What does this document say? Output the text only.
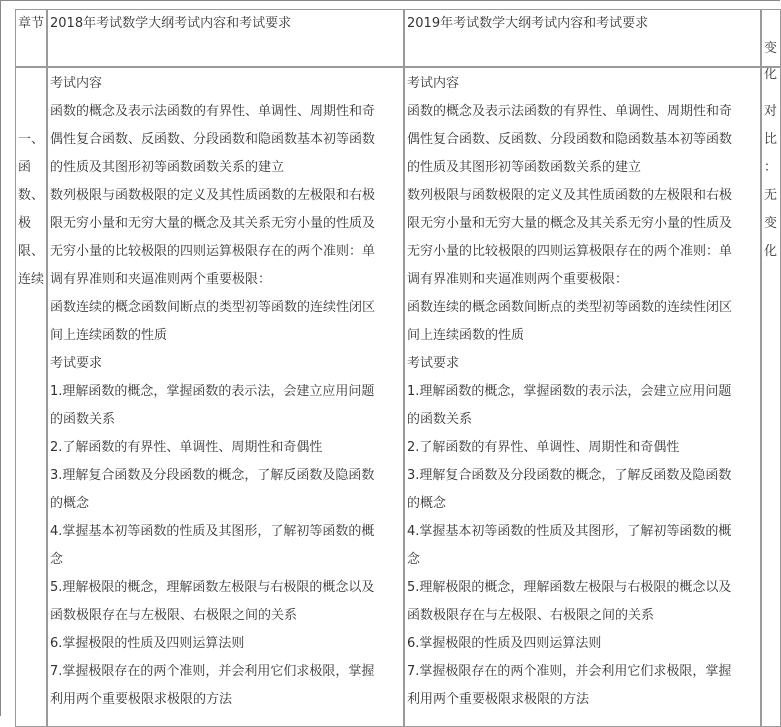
章节 2018年考试数学大纲考试内容和考试要求	2019年考试数学大纲考试内容和考试要求

变
化

一、
函
数、
极
限、
连续

考试内容
函数的概念及表示法函数的有界性、单调性、周期性和奇
偶性复合函数、反函数、分段函数和隐函数基本初等函数
的性质及其图形初等函数函数关系的建立
数列极限与函数极限的定义及其性质函数的左极限和右极
限无穷小量和无穷大量的概念及其关系无穷小量的性质及
无穷小量的比较极限的四则运算极限存在的两个准则：单
调有界准则和夹逼准则两个重要极限：
函数连续的概念函数间断点的类型初等函数的连续性闭区
间上连续函数的性质
考试要求
1.理解函数的概念，掌握函数的表示法，会建立应用问题
的函数关系
2.了解函数的有界性、单调性、周期性和奇偶性
3.理解复合函数及分段函数的概念，了解反函数及隐函数
的概念
4.掌握基本初等函数的性质及其图形，了解初等函数的概
念
5.理解极限的概念，理解函数左极限与右极限的概念以及
函数极限存在与左极限、右极限之间的关系
6.掌握极限的性质及四则运算法则
7.掌握极限存在的两个准则，并会利用它们求极限，掌握
利用两个重要极限求极限的方法
考试内容
函数的概念及表示法函数的有界性、单调性、周期性和奇
偶性复合函数、反函数、分段函数和隐函数基本初等函数
的性质及其图形初等函数函数关系的建立
数列极限与函数极限的定义及其性质函数的左极限和右极
限无穷小量和无穷大量的概念及其关系无穷小量的性质及
无穷小量的比较极限的四则运算极限存在的两个准则：单
调有界准则和夹逼准则两个重要极限：
函数连续的概念函数间断点的类型初等函数的连续性闭区
间上连续函数的性质
考试要求
1.理解函数的概念，掌握函数的表示法，会建立应用问题
的函数关系
2.了解函数的有界性、单调性、周期性和奇偶性
3.理解复合函数及分段函数的概念，了解反函数及隐函数
的概念
4.掌握基本初等函数的性质及其图形，了解初等函数的概
念
5.理解极限的概念，理解函数左极限与右极限的概念以及
函数极限存在与左极限、右极限之间的关系
6.掌握极限的性质及四则运算法则
7.掌握极限存在的两个准则，并会利用它们求极限，掌握
利用两个重要极限求极限的方法

对
比
：
无
变
化
